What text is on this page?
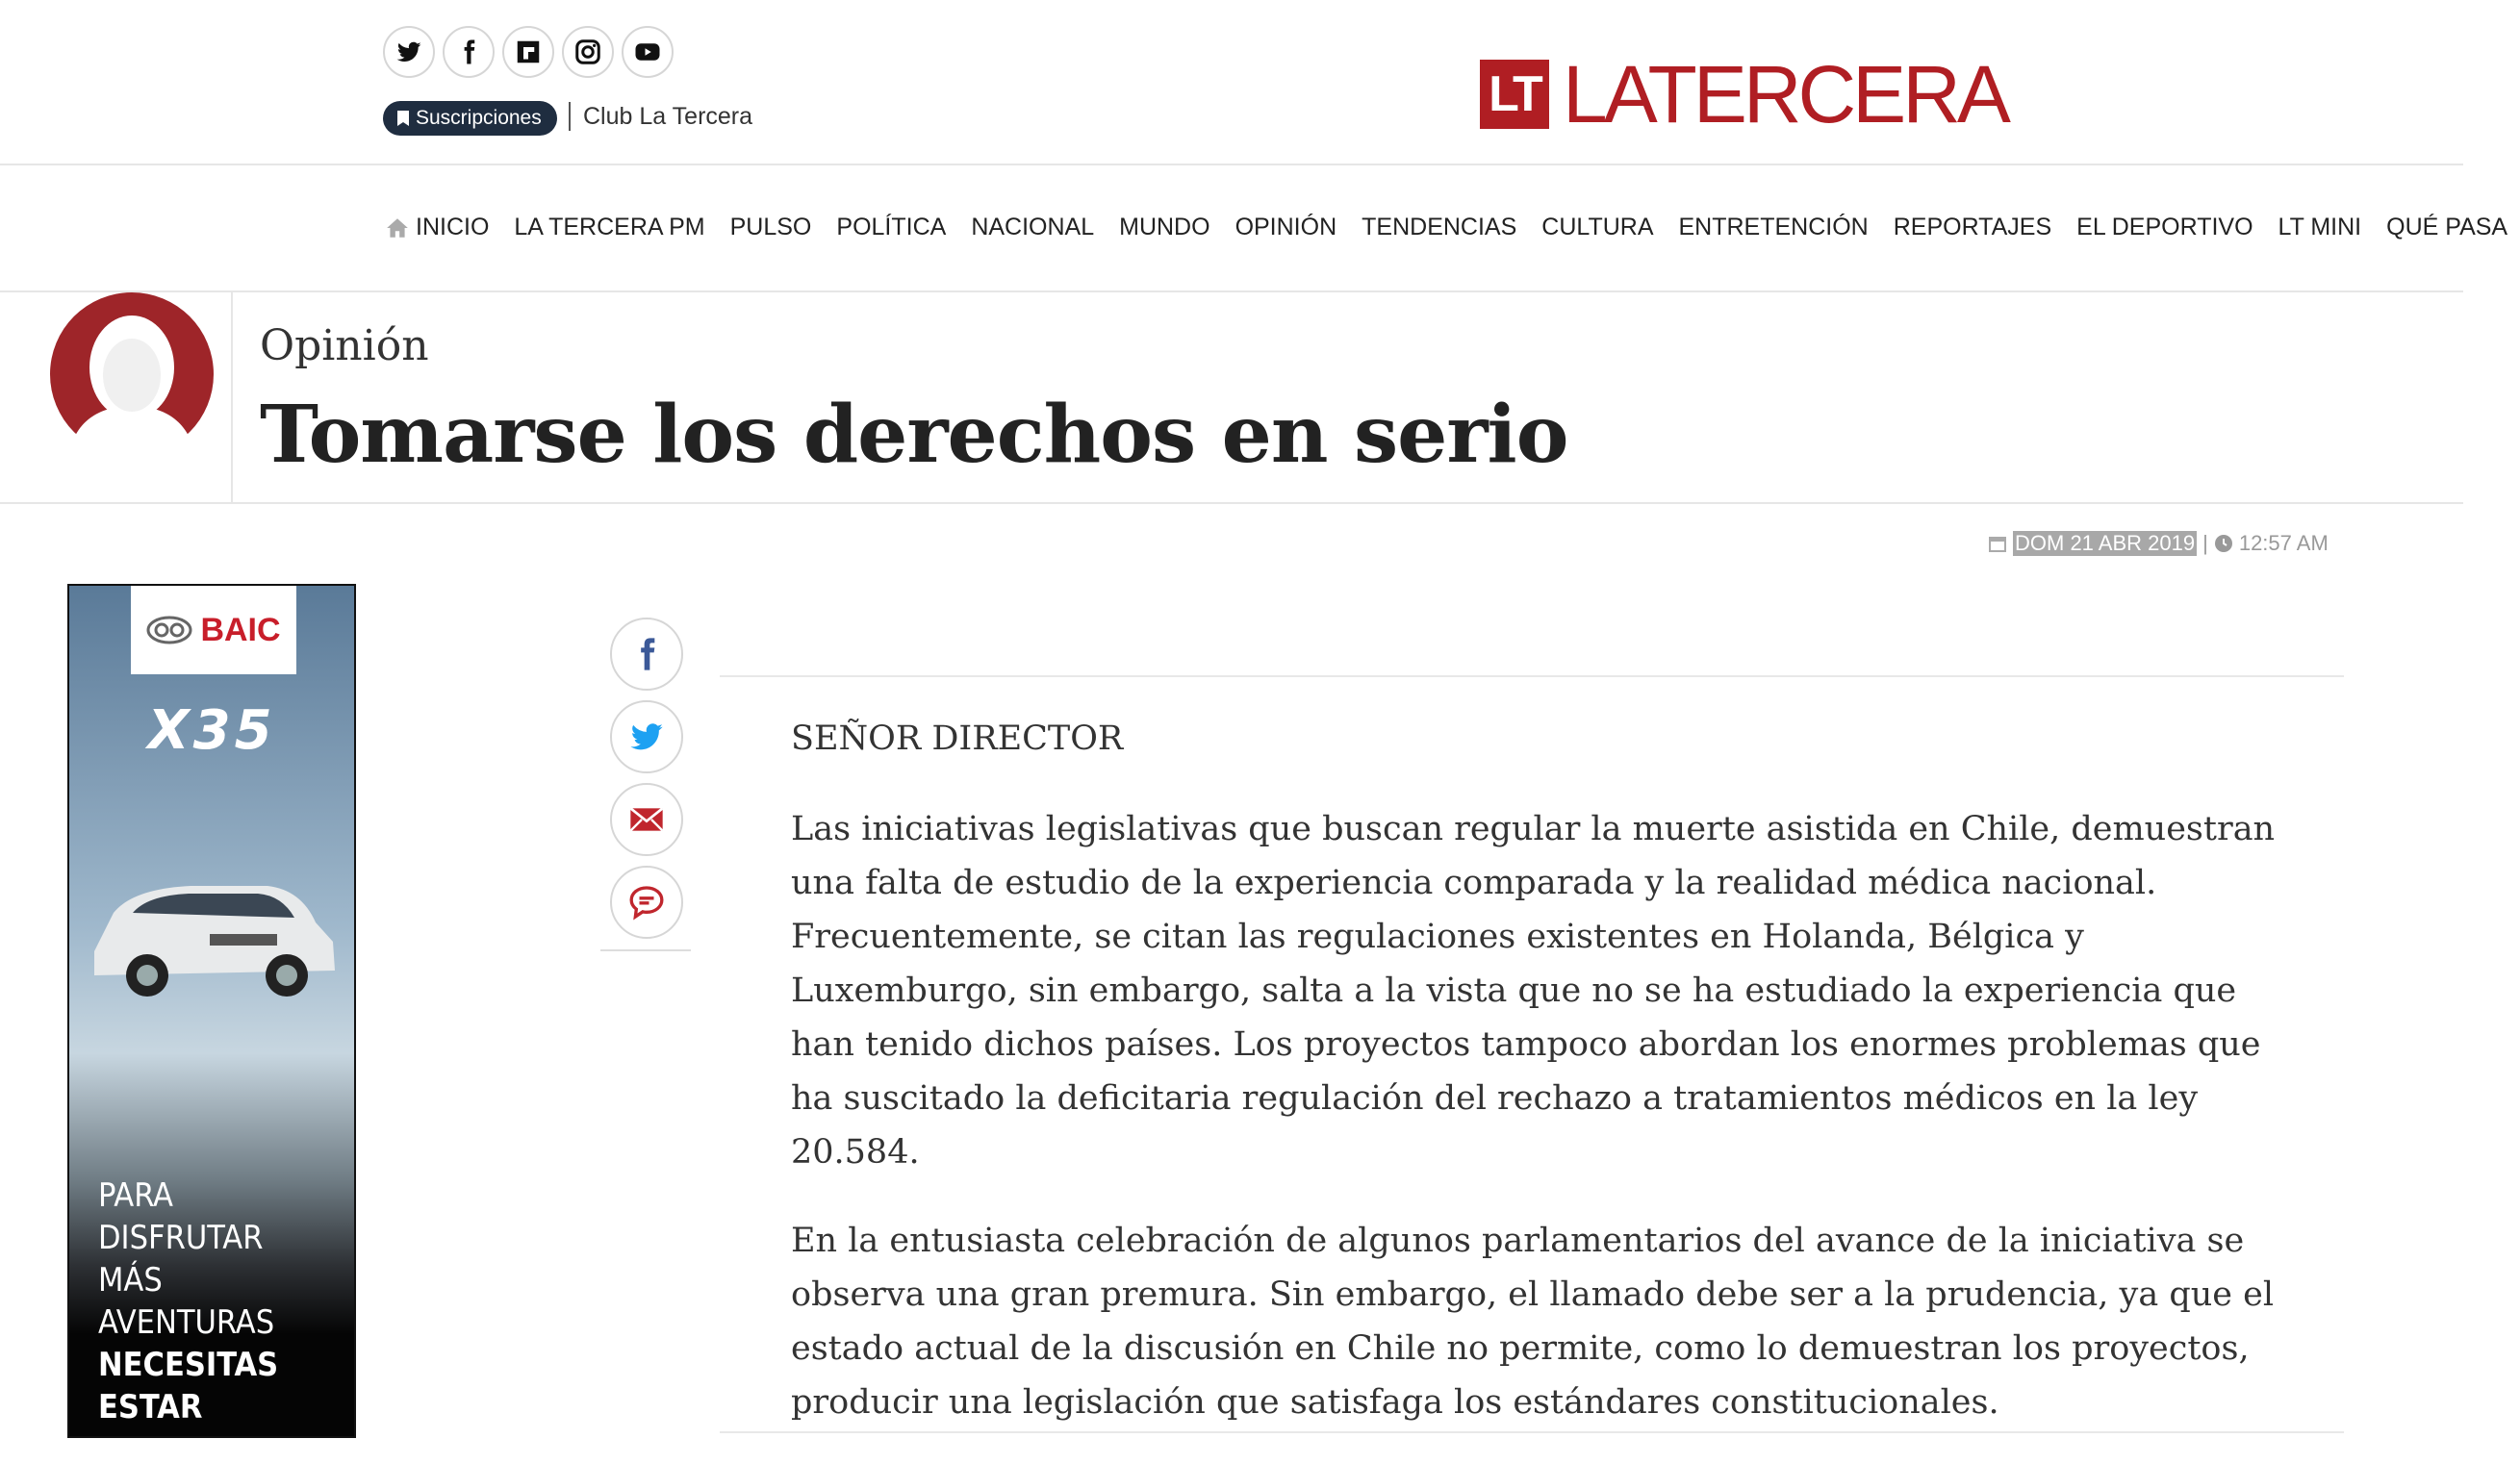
Suscripciones Club La Tercera	LT LATERCERA
INICIO	LA TERCERA PM	PULSO	POLÍTICA	NACIONAL	MUNDO	OPINIÓN	TENDENCIAS	CULTURA	ENTRETENCIÓN	REPORTAJES	EL DEPORTIVO	LT MINI	QUÉ PASA
Opinión
Tomarse los derechos en serio
DOM 21 ABR 2019 | 12:57 AM
BAIC
X35
PARA
DISFRUTAR
MÁS
AVENTURAS
NECESITAS
ESTAR

SEÑOR DIRECTOR

Las iniciativas legislativas que buscan regular la muerte asistida en Chile, demuestran una falta de estudio de la experiencia comparada y la realidad médica nacional. Frecuentemente, se citan las regulaciones existentes en Holanda, Bélgica y Luxemburgo, sin embargo, salta a la vista que no se ha estudiado la experiencia que han tenido dichos países. Los proyectos tampoco abordan los enormes problemas que ha suscitado la deficitaria regulación del rechazo a tratamientos médicos en la ley 20.584.

En la entusiasta celebración de algunos parlamentarios del avance de la iniciativa se observa una gran premura. Sin embargo, el llamado debe ser a la prudencia, ya que el estado actual de la discusión en Chile no permite, como lo demuestran los proyectos, producir una legislación que satisfaga los estándares constitucionales.
